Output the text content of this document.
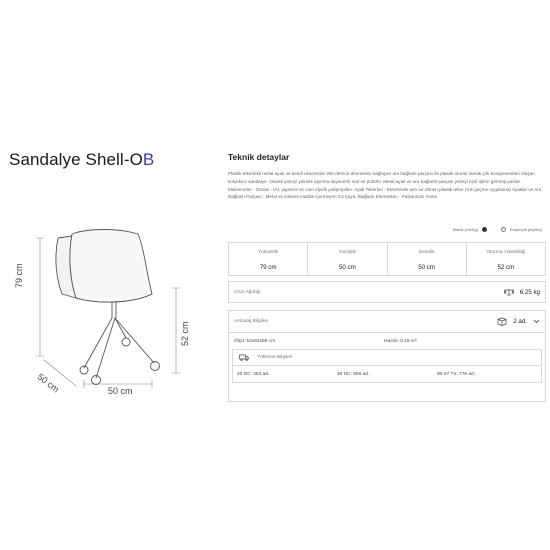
Sandalye Shell-OB
79 cm
52 cm
50 cm	50 cm
Teknik detaylar
Plastik tekerlekli metal ayak ve kendi ekseninde 360 derece dönmesini sağlayan ara bağlantı parçası ile plastik oturak olarak çok kompenentten oluşan kolçaksız sandalye. Oturak yüzeyi yüksek aşınma dayanımlı mat ve pütürlü. Metal ayak ve ara bağlantı parçası yüzeyi özel işlem görmüş parlak. Malzemeler : Gövde : UV, pigment ve cam elyaflı polipropilen. Ayak Tekerleri : Ekseninde tam tur dönen plastik teker (Sık geçme uygulama) Ayaklar ve Ara Bağlantı Parçası : Metal ve solvent madde içermeyen toz boya. Bağlantı Elemanları : Paslanmaz metal
Metrik (cm/kg)	Emperyal (inç/lbs)
Yükseklik
79 cm
Genişlik
50 cm
Derinlik
50 cm
Oturma Yüksekliği
52 cm
Ürün Ağırlığı	6.25 kg
Ambalaj Bilgileri	2 ad.
Ölçü: 52x63x59 cm	Hacim: 0.19 m³
Yükleme Bilgileri
20 DC: 284 ad.	40 HC: 656 ad.	90 m³ Tır: 776 ad.
